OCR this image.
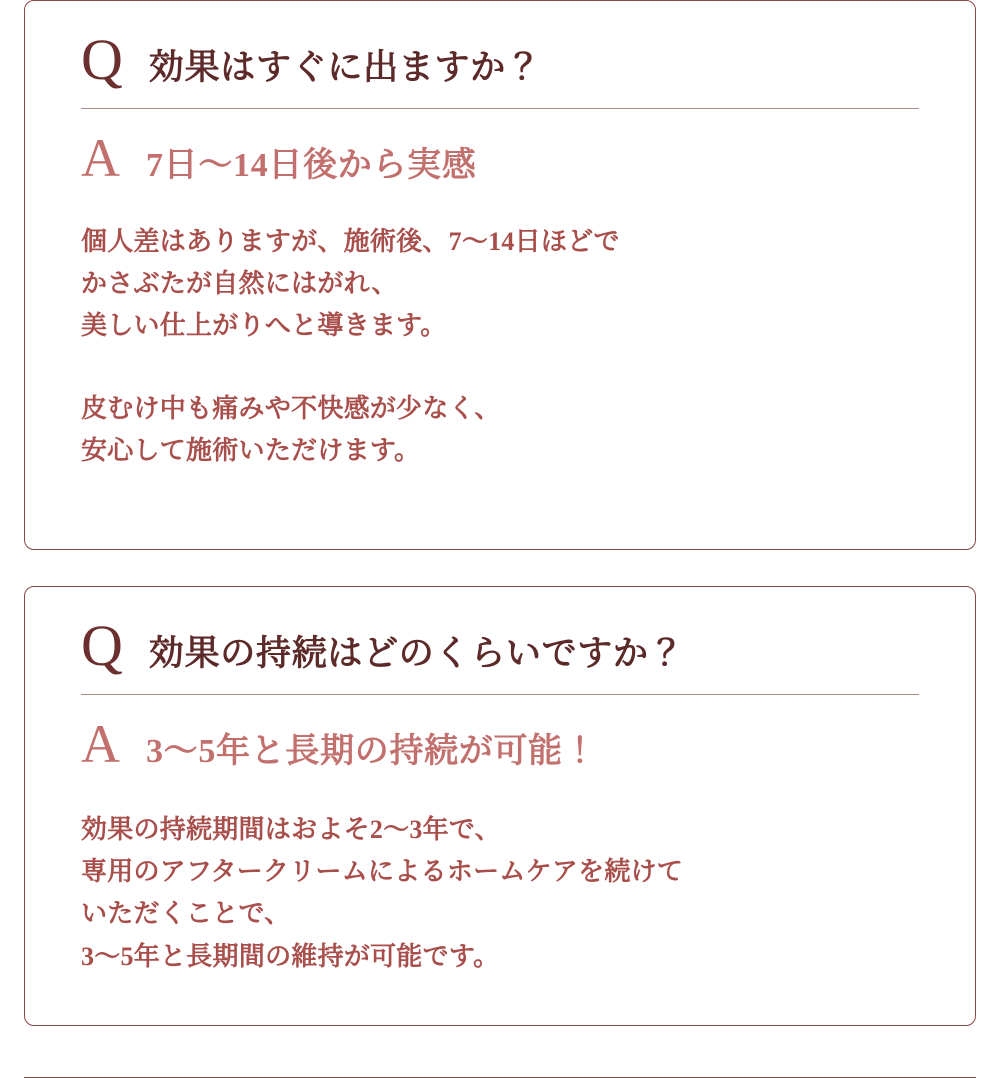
Q 効果はすぐに出ますか？
A 7日〜14日後から実感
個人差はありますが、施術後、7〜14日ほどで
かさぶたが自然にはがれ、
美しい仕上がりへと導きます。
皮むけ中も痛みや不快感が少なく、
安心して施術いただけます。
Q 効果の持続はどのくらいですか？
A 3〜5年と長期の持続が可能！
効果の持続期間はおよそ2〜3年で、
専用のアフタークリームによるホームケアを続けて
いただくことで、
3〜5年と長期間の維持が可能です。
